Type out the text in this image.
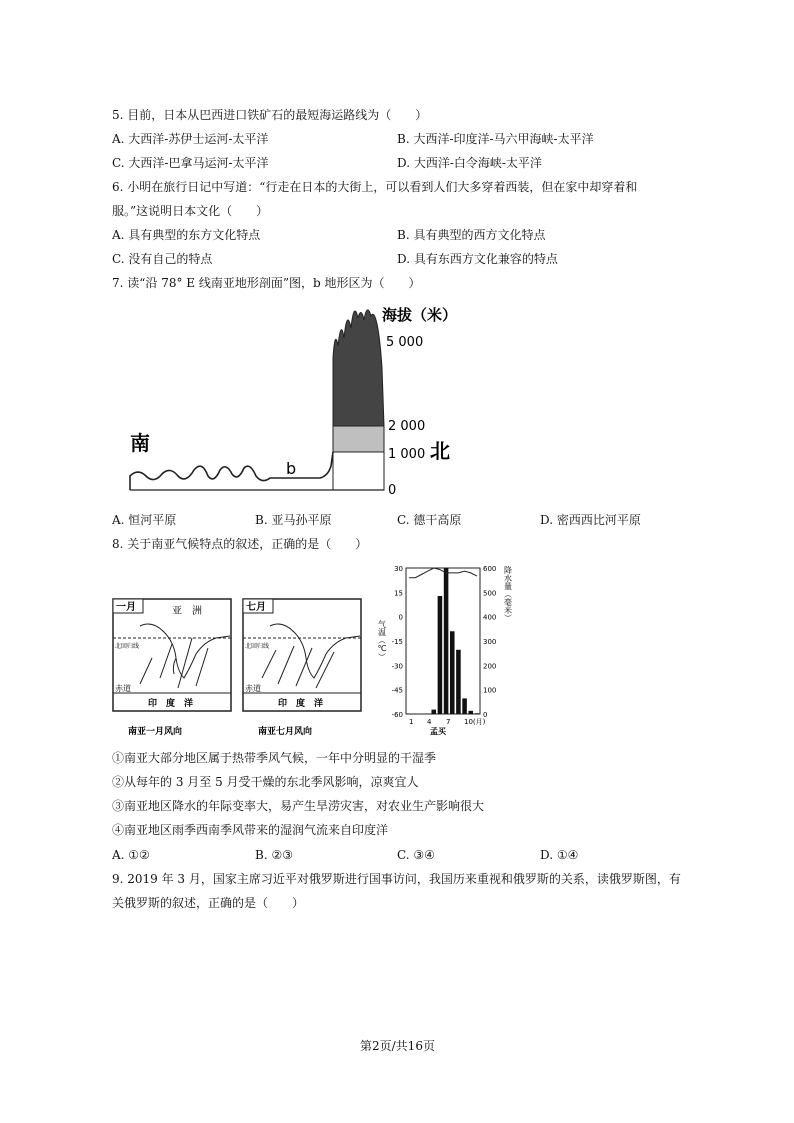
5. 目前，日本从巴西进口铁矿石的最短海运路线为（　　）
A. 大西洋-苏伊士运河-太平洋	B. 大西洋-印度洋-马六甲海峡-太平洋
C. 大西洋-巴拿马运河-太平洋	D. 大西洋-白令海峡-太平洋
6. 小明在旅行日记中写道：“行走在日本的大街上，可以看到人们大多穿着西装，但在家中却穿着和
服。”这说明日本文化（　　）
A. 具有典型的东方文化特点	B. 具有典型的西方文化特点
C. 没有自己的特点	D. 具有东西方文化兼容的特点
7. 读“沿 78° E 线南亚地形剖面”图，b 地形区为（　　）
南	北
b
海拔（米）
5 000
2 000
1 000
0
A. 恒河平原	B. 亚马孙平原	C. 德干高原	D. 密西西比河平原
8. 关于南亚气候特点的叙述，正确的是（　　）
一月	亚　洲
北回归线
赤道
印　度　洋
南亚一月风向
七月
北回归线
赤道
印　度　洋
南亚七月风向
气温（℃）
降水量（毫米）
30
15
0
-15
-30
-45
-60
600
500
400
300
200
100
0
1 4 7 10(月)
孟买
①南亚大部分地区属于热带季风气候，一年中分明显的干湿季
②从每年的 3 月至 5 月受干燥的东北季风影响，凉爽宜人
③南亚地区降水的年际变率大，易产生旱涝灾害，对农业生产影响很大
④南亚地区雨季西南季风带来的湿润气流来自印度洋
A. ①②	B. ②③	C. ③④	D. ①④
9. 2019 年 3 月，国家主席习近平对俄罗斯进行国事访问，我国历来重视和俄罗斯的关系，读俄罗斯图，有
关俄罗斯的叙述，正确的是（　　）
第2页/共16页
